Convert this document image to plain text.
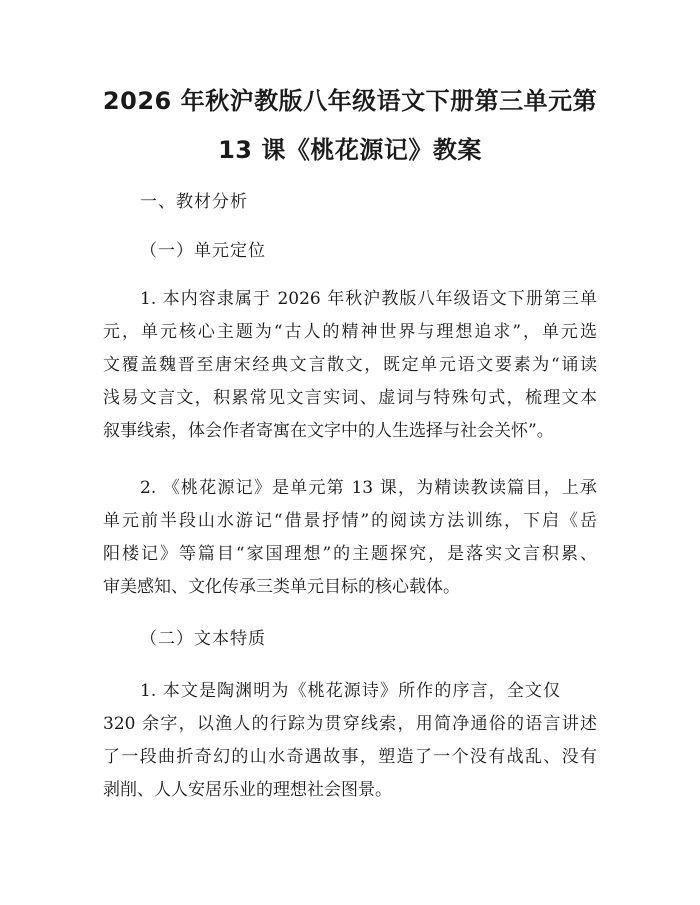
2026 年秋沪教版八年级语文下册第三单元第
13 课《桃花源记》教案
一、教材分析
（一）单元定位
1. 本内容隶属于 2026 年秋沪教版八年级语文下册第三单
元，单元核心主题为“古人的精神世界与理想追求”，单元选
文覆盖魏晋至唐宋经典文言散文，既定单元语文要素为“诵读
浅易文言文，积累常见文言实词、虚词与特殊句式，梳理文本
叙事线索，体会作者寄寓在文字中的人生选择与社会关怀”。
2. 《桃花源记》是单元第 13 课，为精读教读篇目，上承
单元前半段山水游记“借景抒情”的阅读方法训练，下启《岳
阳楼记》等篇目“家国理想”的主题探究，是落实文言积累、
审美感知、文化传承三类单元目标的核心载体。
（二）文本特质
1. 本文是陶渊明为《桃花源诗》所作的序言，全文仅
320 余字，以渔人的行踪为贯穿线索，用简净通俗的语言讲述
了一段曲折奇幻的山水奇遇故事，塑造了一个没有战乱、没有
剥削、人人安居乐业的理想社会图景。
